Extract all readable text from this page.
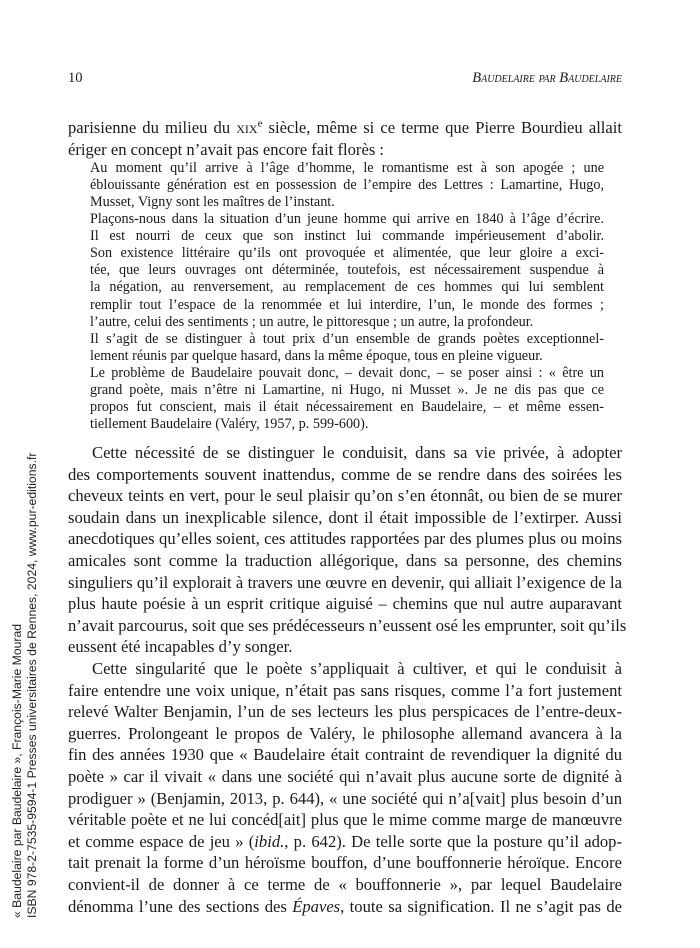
10	Baudelaire par Baudelaire
parisienne du milieu du xix$^e$ siècle, même si ce terme que Pierre Bourdieu allait
ériger en concept n’avait pas encore fait florès :
Au moment qu’il arrive à l’âge d’homme, le romantisme est à son apogée ; une
éblouissante génération est en possession de l’empire des Lettres : Lamartine, Hugo,
Musset, Vigny sont les maîtres de l’instant.
Plaçons-nous dans la situation d’un jeune homme qui arrive en 1840 à l’âge d’écrire.
Il est nourri de ceux que son instinct lui commande impérieusement d’abolir.
Son existence littéraire qu’ils ont provoquée et alimentée, que leur gloire a exci-
tée, que leurs ouvrages ont déterminée, toutefois, est nécessairement suspendue à
la négation, au renversement, au remplacement de ces hommes qui lui semblent
remplir tout l’espace de la renommée et lui interdire, l’un, le monde des formes ;
l’autre, celui des sentiments ; un autre, le pittoresque ; un autre, la profondeur.
Il s’agit de se distinguer à tout prix d’un ensemble de grands poètes exceptionnel-
lement réunis par quelque hasard, dans la même époque, tous en pleine vigueur.
Le problème de Baudelaire pouvait donc, – devait donc, – se poser ainsi : « être un
grand poète, mais n’être ni Lamartine, ni Hugo, ni Musset ». Je ne dis pas que ce
propos fut conscient, mais il était nécessairement en Baudelaire, – et même essen-
tiellement Baudelaire (Valéry, 1957, p. 599-600).
Cette nécessité de se distinguer le conduisit, dans sa vie privée, à adopter
des comportements souvent inattendus, comme de se rendre dans des soirées les
cheveux teints en vert, pour le seul plaisir qu’on s’en étonnât, ou bien de se murer
soudain dans un inexplicable silence, dont il était impossible de l’extirper. Aussi
anecdotiques qu’elles soient, ces attitudes rapportées par des plumes plus ou moins
amicales sont comme la traduction allégorique, dans sa personne, des chemins
singuliers qu’il explorait à travers une œuvre en devenir, qui alliait l’exigence de la
plus haute poésie à un esprit critique aiguisé – chemins que nul autre auparavant
n’avait parcourus, soit que ses prédécesseurs n’eussent osé les emprunter, soit qu’ils
eussent été incapables d’y songer.
Cette singularité que le poète s’appliquait à cultiver, et qui le conduisit à
faire entendre une voix unique, n’était pas sans risques, comme l’a fort justement
relevé Walter Benjamin, l’un de ses lecteurs les plus perspicaces de l’entre-deux-
guerres. Prolongeant le propos de Valéry, le philosophe allemand avancera à la
fin des années 1930 que « Baudelaire était contraint de revendiquer la dignité du
poète » car il vivait « dans une société qui n’avait plus aucune sorte de dignité à
prodiguer » (Benjamin, 2013, p. 644), « une société qui n’a[vait] plus besoin d’un
véritable poète et ne lui concéd[ait] plus que le mime comme marge de manœuvre
et comme espace de jeu » (ibid., p. 642). De telle sorte que la posture qu’il adop-
tait prenait la forme d’un héroïsme bouffon, d’une bouffonnerie héroïque. Encore
convient-il de donner à ce terme de « bouffonnerie », par lequel Baudelaire
dénomma l’une des sections des Épaves, toute sa signification. Il ne s’agit pas de
« Baudelaire par Baudelaire », François-Marie Mourad ISBN 978-2-7535-9594-1 Presses universitaires de Rennes, 2024, www.pur-editions.fr
